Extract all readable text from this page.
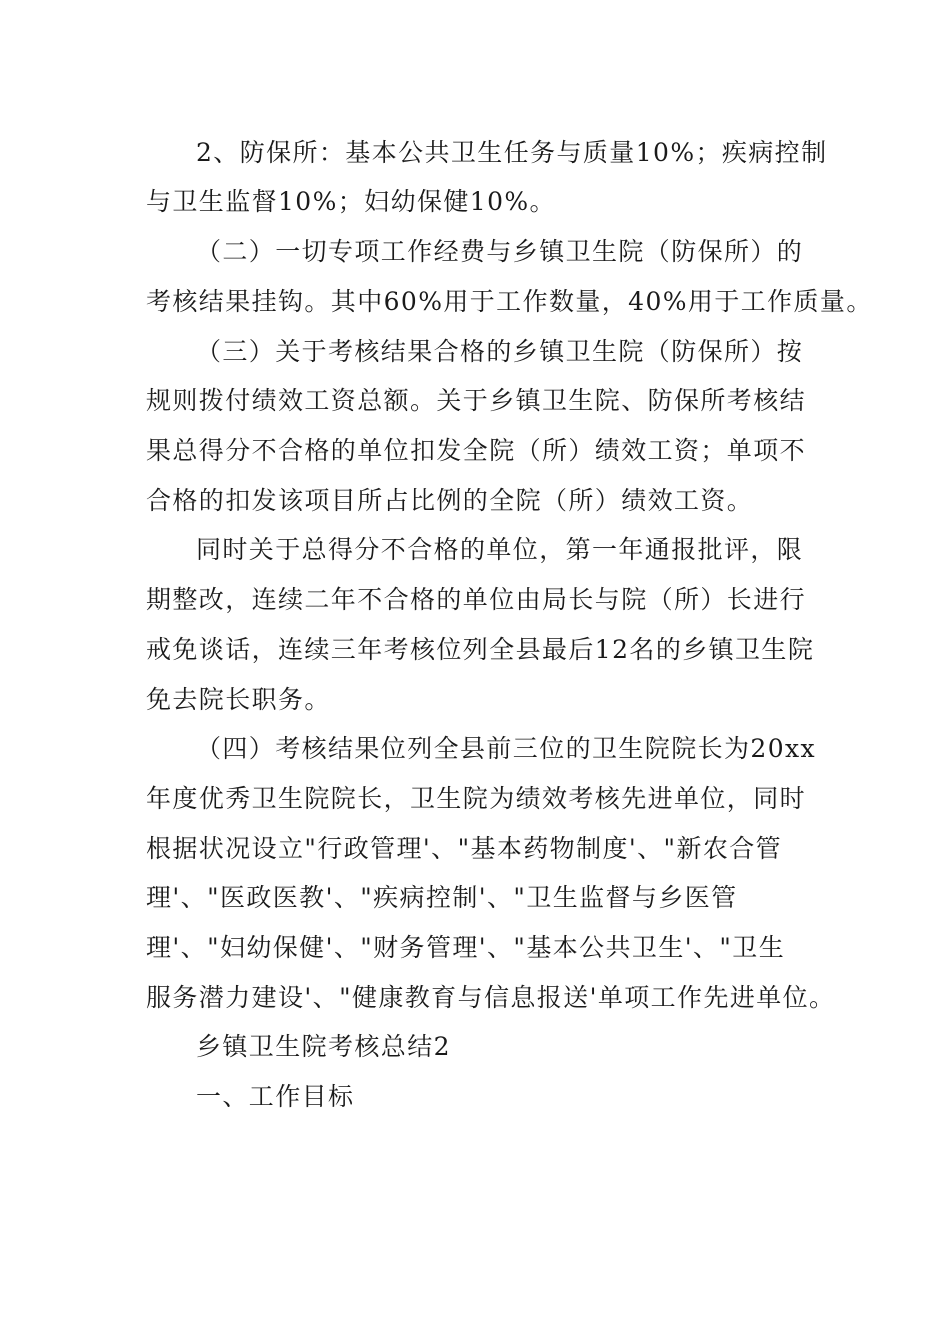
2、防保所：基本公共卫生任务与质量10%；疾病控制
与卫生监督10%；妇幼保健10%。
（二）一切专项工作经费与乡镇卫生院（防保所）的
考核结果挂钩。其中60%用于工作数量，40%用于工作质量。
（三）关于考核结果合格的乡镇卫生院（防保所）按
规则拨付绩效工资总额。关于乡镇卫生院、防保所考核结
果总得分不合格的单位扣发全院（所）绩效工资；单项不
合格的扣发该项目所占比例的全院（所）绩效工资。
同时关于总得分不合格的单位，第一年通报批评，限
期整改，连续二年不合格的单位由局长与院（所）长进行
戒免谈话，连续三年考核位列全县最后12名的乡镇卫生院
免去院长职务。
（四）考核结果位列全县前三位的卫生院院长为20xx
年度优秀卫生院院长，卫生院为绩效考核先进单位，同时
根据状况设立"行政管理'、"基本药物制度'、"新农合管
理'、"医政医教'、"疾病控制'、"卫生监督与乡医管
理'、"妇幼保健'、"财务管理'、"基本公共卫生'、"卫生
服务潜力建设'、"健康教育与信息报送'单项工作先进单位。
乡镇卫生院考核总结2
一、工作目标
